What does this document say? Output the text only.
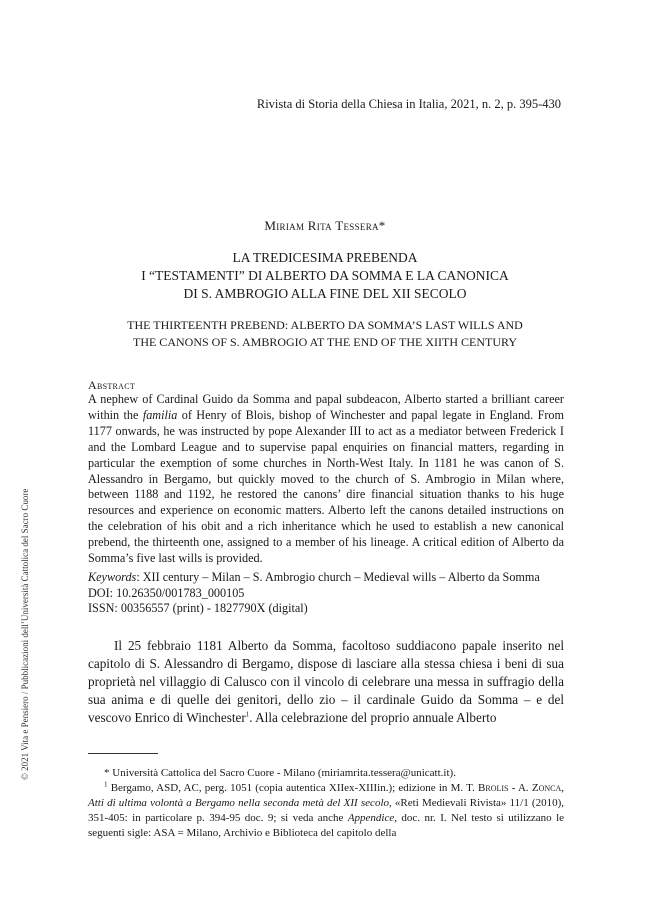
Rivista di Storia della Chiesa in Italia, 2021, n. 2, p. 395-430
© 2021 Vita e Pensiero / Pubblicazioni dell’Università Cattolica del Sacro Cuore
Miriam Rita Tessera*
LA TREDICESIMA PREBENDA
I “TESTAMENTI” DI ALBERTO DA SOMMA E LA CANONICA
DI S. AMBROGIO ALLA FINE DEL XII SECOLO
THE THIRTEENTH PREBEND: ALBERTO DA SOMMA’S LAST WILLS AND
THE CANONS OF S. AMBROGIO AT THE END OF THE XIITH CENTURY
Abstract
A nephew of Cardinal Guido da Somma and papal subdeacon, Alberto started a brilliant career within the familia of Henry of Blois, bishop of Winchester and papal legate in England. From 1177 onwards, he was instructed by pope Alexander III to act as a mediator between Frederick I and the Lombard League and to supervise papal enquiries on financial matters, regarding in particular the exemption of some churches in North-West Italy. In 1181 he was canon of S. Alessandro in Bergamo, but quickly moved to the church of S. Ambrogio in Milan where, between 1188 and 1192, he restored the canons’ dire financial situation thanks to his huge resources and experience on economic matters. Alberto left the canons detailed instructions on the celebration of his obit and a rich inheritance which he used to establish a new canonical prebend, the thirteenth one, assigned to a member of his lineage. A critical edition of Alberto da Somma’s five last wills is provided.
Keywords: XII century – Milan – S. Ambrogio church – Medieval wills – Alberto da Somma
DOI: 10.26350/001783_000105
ISSN: 00356557 (print) - 1827790X (digital)
Il 25 febbraio 1181 Alberto da Somma, facoltoso suddiacono papale inserito nel capitolo di S. Alessandro di Bergamo, dispose di lasciare alla stessa chiesa i beni di sua proprietà nel villaggio di Calusco con il vincolo di celebrare una messa in suffragio della sua anima e di quelle dei genitori, dello zio – il cardinale Guido da Somma – e del vescovo Enrico di Winchester$^1$. Alla celebrazione del proprio annuale Alberto

* Università Cattolica del Sacro Cuore - Milano (miriamrita.tessera@unicatt.it).

$^1$ Bergamo, ASD, AC, perg. 1051 (copia autentica XIIex-XIIIin.); edizione in M. T. Brolis - A. Zonca, Atti di ultima volontà a Bergamo nella seconda metà del XII secolo, «Reti Medievali Rivista» 11/1 (2010), 351-405: in particolare p. 394-95 doc. 9; si veda anche Appendice, doc. nr. I. Nel testo si utilizzano le seguenti sigle: ASA = Milano, Archivio e Biblioteca del capitolo della
